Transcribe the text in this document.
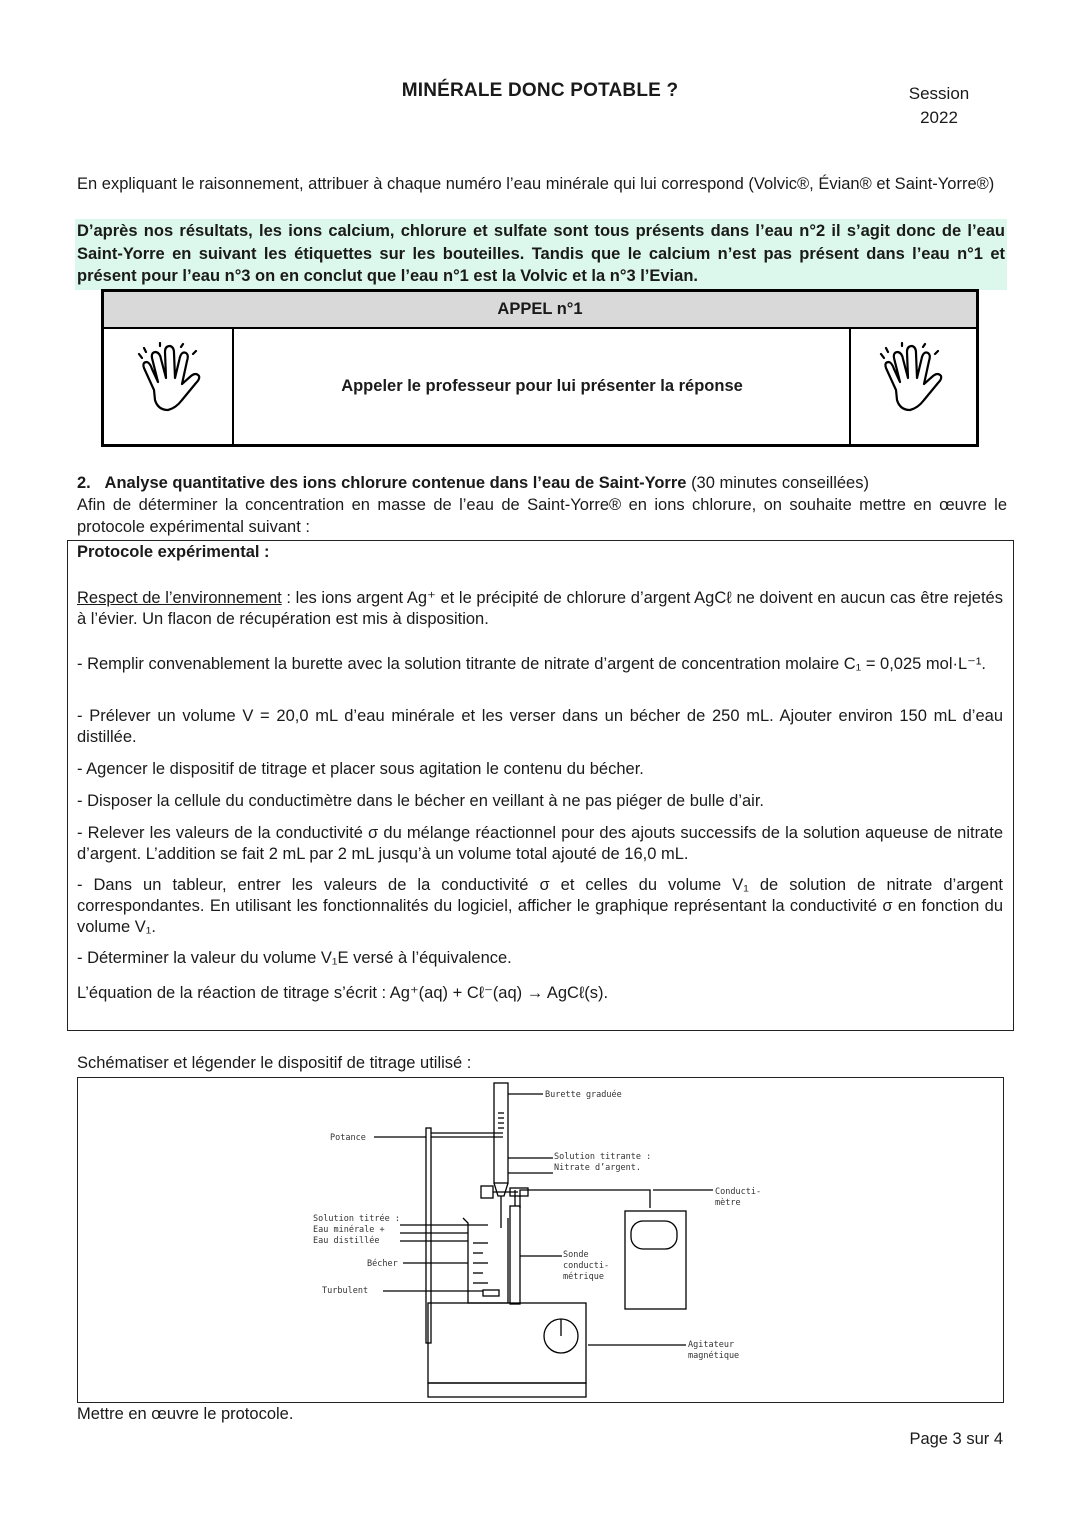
MINÉRALE DONC POTABLE ?	Session
2022
En expliquant le raisonnement, attribuer à chaque numéro l’eau minérale qui lui correspond (Volvic®, Évian® et Saint-Yorre®)
D’après nos résultats, les ions calcium, chlorure et sulfate sont tous présents dans l’eau n°2 il s’agit donc de l’eau Saint-Yorre en suivant les étiquettes sur les bouteilles. Tandis que le calcium n’est pas présent dans l’eau n°1 et présent pour l’eau n°3 on en conclut que l’eau n°1 est la Volvic et la n°3 l’Evian.
APPEL n°1
Appeler le professeur pour lui présenter la réponse
2. Analyse quantitative des ions chlorure contenue dans l’eau de Saint-Yorre (30 minutes conseillées)
Afin de déterminer la concentration en masse de l’eau de Saint-Yorre® en ions chlorure, on souhaite mettre en œuvre le protocole expérimental suivant :
Protocole expérimental :
Respect de l’environnement : les ions argent Ag⁺ et le précipité de chlorure d’argent AgCℓ ne doivent en aucun cas être rejetés à l’évier. Un flacon de récupération est mis à disposition.
- Remplir convenablement la burette avec la solution titrante de nitrate d’argent de concentration molaire C₁ = 0,025 mol·L⁻¹.
- Prélever un volume V = 20,0 mL d’eau minérale et les verser dans un bécher de 250 mL. Ajouter environ 150 mL d’eau distillée.
- Agencer le dispositif de titrage et placer sous agitation le contenu du bécher.
- Disposer la cellule du conductimètre dans le bécher en veillant à ne pas piéger de bulle d’air.
- Relever les valeurs de la conductivité σ du mélange réactionnel pour des ajouts successifs de la solution aqueuse de nitrate d’argent. L’addition se fait 2 mL par 2 mL jusqu’à un volume total ajouté de 16,0 mL.
- Dans un tableur, entrer les valeurs de la conductivité σ et celles du volume V₁ de solution de nitrate d’argent correspondantes. En utilisant les fonctionnalités du logiciel, afficher le graphique représentant la conductivité σ en fonction du volume V₁.
- Déterminer la valeur du volume V₁E versé à l’équivalence.
L’équation de la réaction de titrage s’écrit : Ag⁺(aq) + Cℓ⁻(aq) → AgCℓ(s).
Schématiser et légender le dispositif de titrage utilisé :
Burette graduée
Potance
Solution titrante :
Nitrate d’argent.
Conducti-
mètre
Solution titrée :
Eau minérale +
Eau distillée
Bécher
Sonde
conducti-
métrique
Turbulent
Agitateur
magnétique
Mettre en œuvre le protocole.
Page 3 sur 4
